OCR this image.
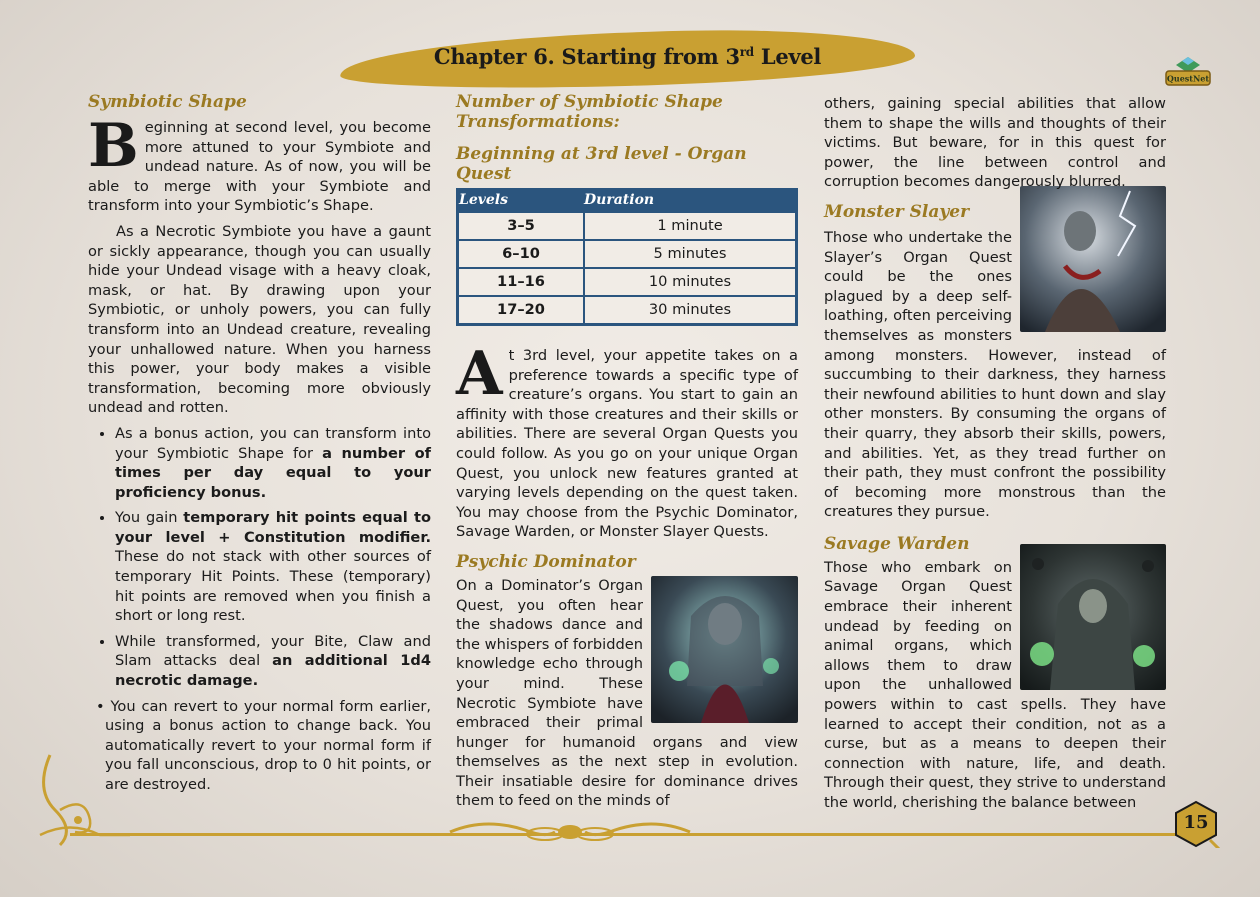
Chapter 6. Starting from 3rd Level
QuestNet
Symbiotic Shape

Beginning at second level, you become more attuned to your Symbiote and undead nature. As of now, you will be able to merge with your Symbiote and transform into your Symbiotic’s Shape.

As a Necrotic Symbiote you have a gaunt or sickly appearance, though you can usually hide your Undead visage with a heavy cloak, mask, or hat. By drawing upon your Symbiotic, or unholy powers, you can fully transform into an Undead creature, revealing your unhallowed nature. When you harness this power, your body makes a visible transformation, becoming more obviously undead and rotten.

• As a bonus action, you can transform into your Symbiotic Shape for a number of times per day equal to your proficiency bonus.
• You gain temporary hit points equal to your level + Constitution modifier. These do not stack with other sources of temporary Hit Points. These (temporary) hit points are removed when you finish a short or long rest.
• While transformed, your Bite, Claw and Slam attacks deal an additional 1d4 necrotic damage.
• You can revert to your normal form earlier, using a bonus action to change back. You automatically revert to your normal form if you fall unconscious, drop to 0 hit points, or are destroyed.
Number of Symbiotic Shape Transformations:
Beginning at 3rd level - Organ Quest
Levels	Duration
3–5	1 minute
6–10	5 minutes
11–16	10 minutes
17–20	30 minutes

At 3rd level, your appetite takes on a preference towards a specific type of creature’s organs. You start to gain an affinity with those creatures and their skills or abilities. There are several Organ Quests you could follow. As you go on your unique Organ Quest, you unlock new features granted at varying levels depending on the quest taken. You may choose from the Psychic Dominator, Savage Warden, or Monster Slayer Quests.

Psychic Dominator

On a Dominator’s Organ Quest, you often hear the shadows dance and the whispers of forbidden knowledge echo through your mind. These Necrotic Symbiote have embraced their primal hunger for humanoid organs and view themselves as the next step in evolution. Their insatiable desire for dominance drives them to feed on the minds of

others, gaining special abilities that allow them to shape the wills and thoughts of their victims. But beware, for in this quest for power, the line between control and corruption becomes dangerously blurred.

Monster Slayer

Those who undertake the Slayer’s Organ Quest could be the ones plagued by a deep self-loathing, often perceiving themselves as monsters among monsters. However, instead of succumbing to their darkness, they harness their newfound abilities to hunt down and slay other monsters. By consuming the organs of their quarry, they absorb their skills, powers, and abilities. Yet, as they tread further on their path, they must confront the possibility of becoming more monstrous than the creatures they pursue.

Savage Warden

Those who embark on Savage Organ Quest embrace their inherent undead by feeding on animal organs, which allows them to draw upon the unhallowed powers within to cast spells. They have learned to accept their condition, not as a curse, but as a means to deepen their connection with nature, life, and death. Through their quest, they strive to understand the world, cherishing the balance between

15
